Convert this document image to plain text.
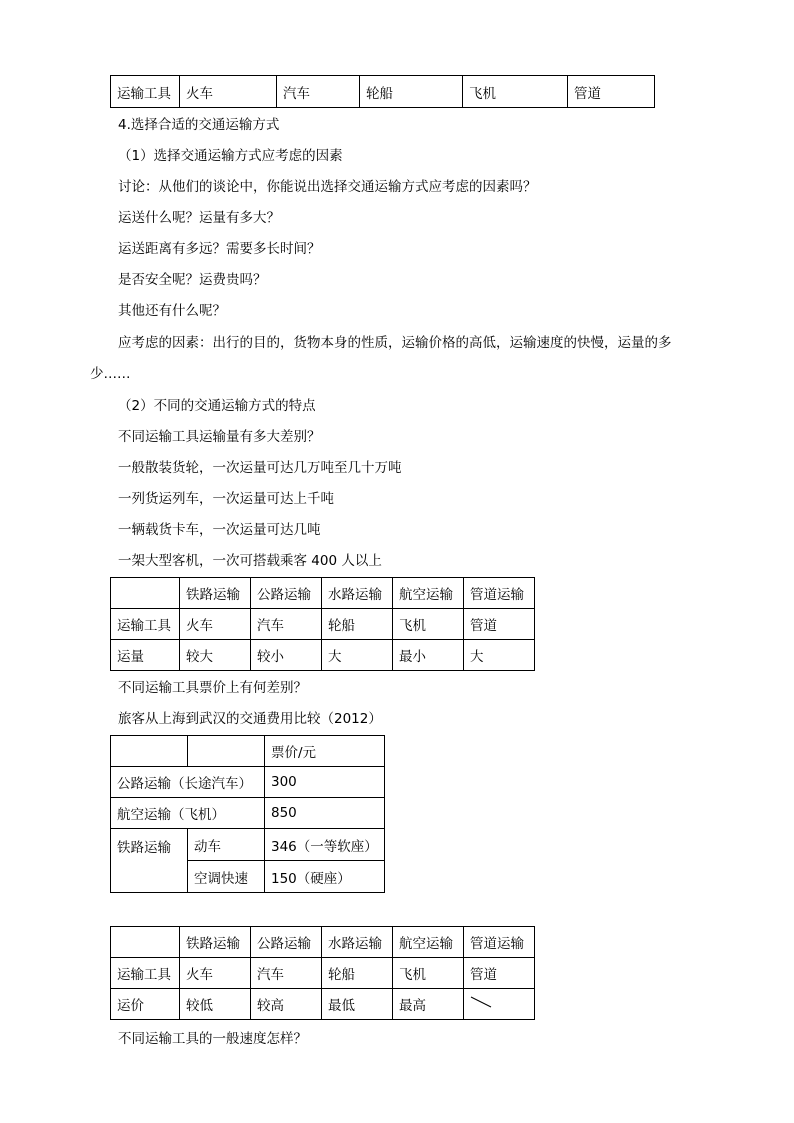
运输工具	火车	汽车	轮船	飞机	管道
4.选择合适的交通运输方式
（1）选择交通运输方式应考虑的因素
讨论：从他们的谈论中，你能说出选择交通运输方式应考虑的因素吗？
运送什么呢？运量有多大？
运送距离有多远？需要多长时间？
是否安全呢？运费贵吗？
其他还有什么呢？
应考虑的因素：出行的目的，货物本身的性质，运输价格的高低，运输速度的快慢，运量的多
少……
（2）不同的交通运输方式的特点
不同运输工具运输量有多大差别？
一般散装货轮，一次运量可达几万吨至几十万吨
一列货运列车，一次运量可达上千吨
一辆载货卡车，一次运量可达几吨
一架大型客机，一次可搭载乘客 400 人以上
	铁路运输	公路运输	水路运输	航空运输	管道运输
运输工具	火车	汽车	轮船	飞机	管道
运量	较大	较小	大	最小	大
不同运输工具票价上有何差别？
旅客从上海到武汉的交通费用比较（2012）
		票价/元
公路运输（长途汽车）		300
航空运输（飞机）		850
铁路运输	动车	346（一等软座）
	空调快速	150（硬座）
	铁路运输	公路运输	水路运输	航空运输	管道运输
运输工具	火车	汽车	轮船	飞机	管道
运价	较低	较高	最低	最高	
不同运输工具的一般速度怎样？
